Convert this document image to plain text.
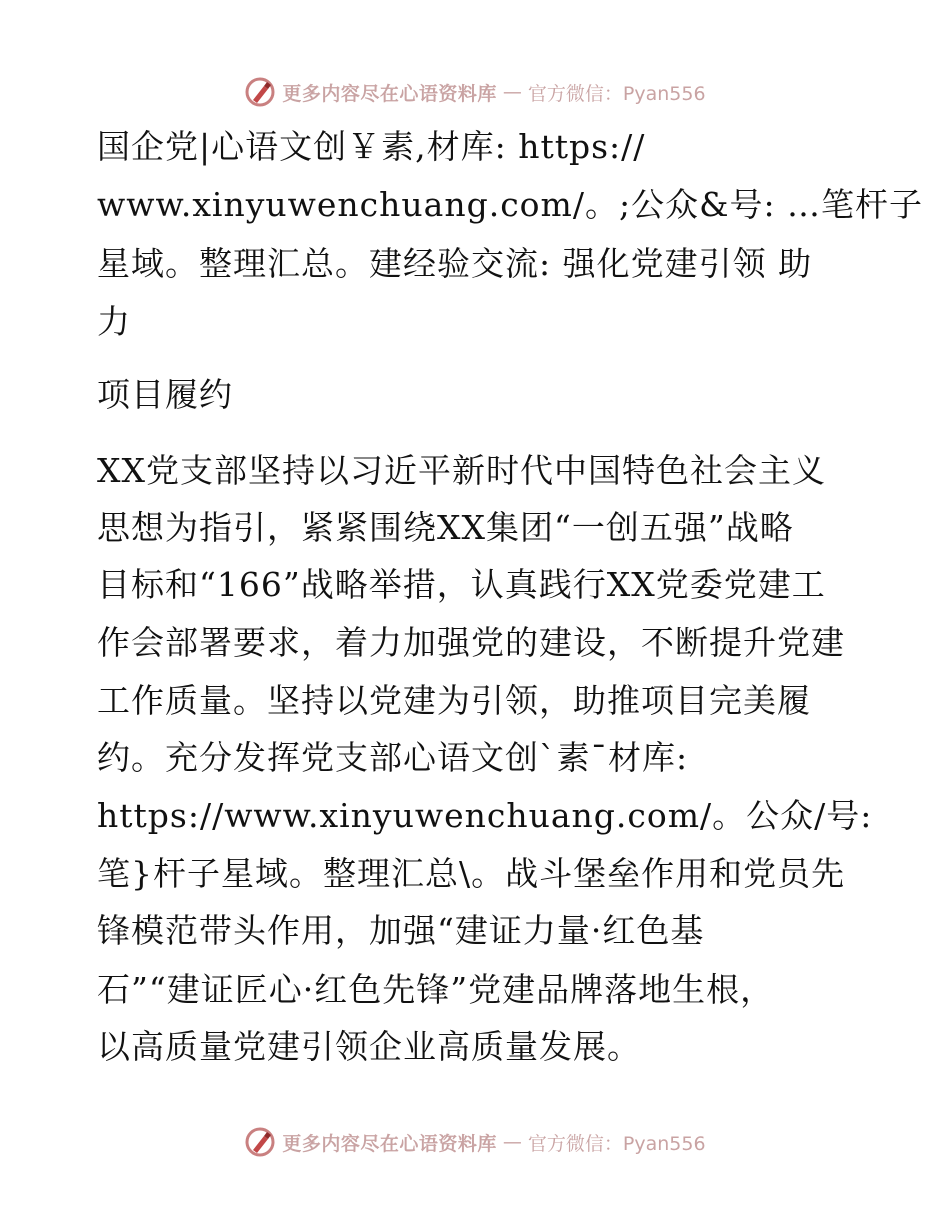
更多内容尽在心语资料库 — 官方微信：Pyan556
国企党|心语文创￥素,材库: https://
www.xinyuwenchuang.com/。;公众&号: …笔杆子
星域。整理汇总。建经验交流: 强化党建引领 助
力
项目履约
XX党支部坚持以习近平新时代中国特色社会主义
思想为指引，紧紧围绕XX集团“一创五强”战略
目标和“166”战略举措，认真践行XX党委党建工
作会部署要求，着力加强党的建设，不断提升党建
工作质量。坚持以党建为引领，助推项目完美履
约。充分发挥党支部心语文创`素¯材库:
https://www.xinyuwenchuang.com/。公众/号:
笔}杆子星域。整理汇总\。战斗堡垒作用和党员先
锋模范带头作用，加强“建证力量·红色基
石”“建证匠心·红色先锋”党建品牌落地生根，
以高质量党建引领企业高质量发展。
更多内容尽在心语资料库 — 官方微信：Pyan556
